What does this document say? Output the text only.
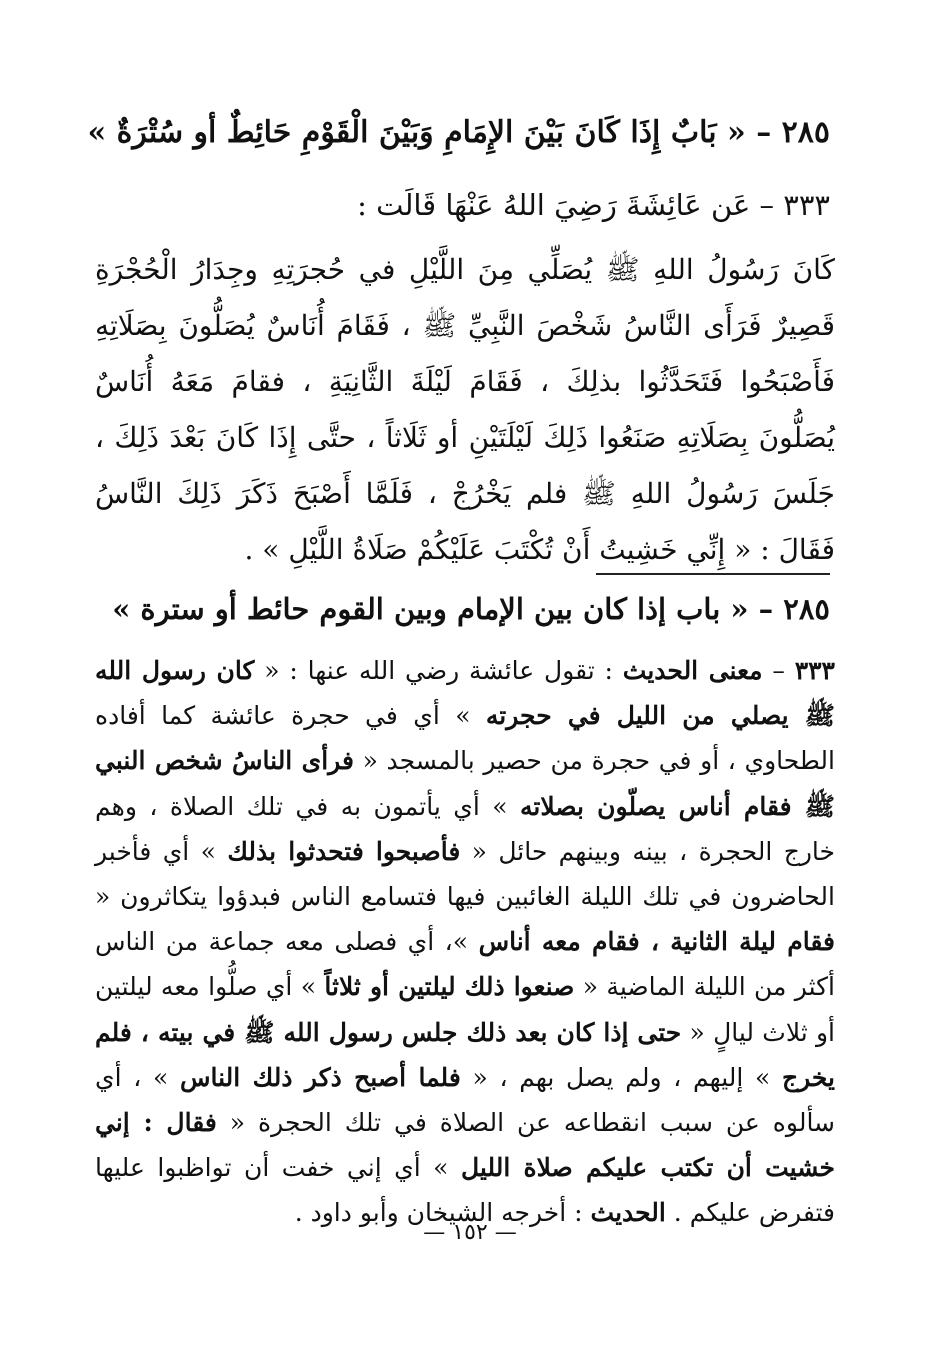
٢٨٥ – « بَابٌ إِذَا كَانَ بَيْنَ الإِمَامِ وَبَيْنَ الْقَوْمِ حَائِطٌ أو سُتْرَةٌ »
٣٣٣ – عَن عَائِشَةَ رَضِيَ اللهُ عَنْهَا قَالَت :
كَانَ رَسُولُ اللهِ ﷺ يُصَلِّي مِنَ اللَّيْلِ في حُجرَتِهِ وجِدَارُ الْحُجْرَةِ قَصِيرٌ فَرَأَى النَّاسُ شَخْصَ النَّبِيِّ ﷺ ، فَقَامَ أُنَاسٌ يُصَلُّونَ بِصَلَاتِهِ فَأَصْبَحُوا فَتَحَدَّثُوا بذلِكَ ، فَقَامَ لَيْلَةَ الثَّانِيَةِ ، فقامَ مَعَهُ أُنَاسٌ يُصَلُّونَ بِصَلَاتِهِ صَنَعُوا ذَلِكَ لَيْلَتَيْنِ أو ثَلَاثاً ، حتَّى إِذَا كَانَ بَعْدَ ذَلِكَ ، جَلَسَ رَسُولُ اللهِ ﷺ فلم يَخْرُجْ ، فَلَمَّا أَصْبَحَ ذَكَرَ ذَلِكَ النَّاسُ فَقَالَ : « إِنِّي خَشِيتُ أَنْ تُكْتَبَ عَلَيْكُمْ صَلَاةُ اللَّيْلِ » .
٢٨٥ – « باب إذا كان بين الإمام وبين القوم حائط أو سترة »
٣٣٣ – معنى الحديث : تقول عائشة رضي الله عنها : « كان رسول الله ﷺ يصلي من الليل في حجرته » أي في حجرة عائشة كما أفاده الطحاوي ، أو في حجرة من حصير بالمسجد « فرأى الناسُ شخص النبي ﷺ فقام أناس يصلّون بصلاته » أي يأتمون به في تلك الصلاة ، وهم خارج الحجرة ، بينه وبينهم حائل « فأصبحوا فتحدثوا بذلك » أي فأخبر الحاضرون في تلك الليلة الغائبين فيها فتسامع الناس فبدؤوا يتكاثرون « فقام ليلة الثانية ، فقام معه أناس »، أي فصلى معه جماعة من الناس أكثر من الليلة الماضية « صنعوا ذلك ليلتين أو ثلاثاً » أي صلُّوا معه ليلتين أو ثلاث ليالٍ « حتى إذا كان بعد ذلك جلس رسول الله ﷺ في بيته ، فلم يخرج » إليهم ، ولم يصل بهم ، « فلما أصبح ذكر ذلك الناس » ، أي سألوه عن سبب انقطاعه عن الصلاة في تلك الحجرة « فقال : إني خشيت أن تكتب عليكم صلاة الليل » أي إني خفت أن تواظبوا عليها فتفرض عليكم . الحديث : أخرجه الشيخان وأبو داود .
— ١٥٢ —
